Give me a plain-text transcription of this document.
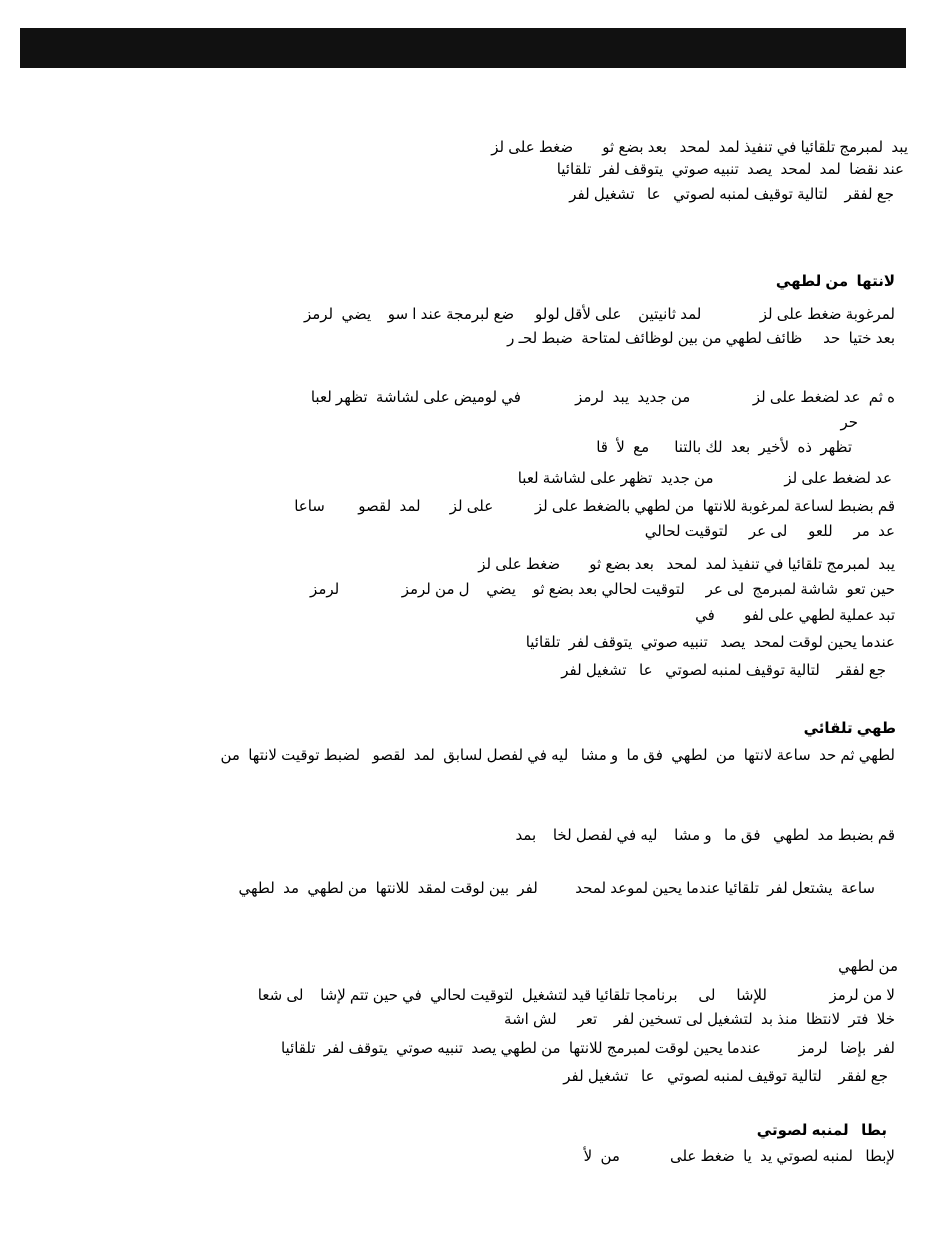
يبد  لمبرمج تلقائيا في تنفيذ لمد  لمحد   بعد بضع ثو       ضغط على لز
عند نقضا  لمد  لمحد  يصد  تنبيه صوتي  يتوقف لفر  تلقائيا
جع لفقر    لتالية توقيف لمنبه لصوتي   عا   تشغيل لفر
لانتها  من لطهي
لمرغوبة ضغط على لز              لمد ثانيتين    على لأقل لولو     ضع لبرمجة عند ا سو    يضي  لرمز
بعد ختيا  حد     ظائف لطهي من بين لوظائف لمتاحة  ضبط لحـ ر
ه ثم  عد لضغط على لز               من جديد  يبد  لرمز             في لوميض على لشاشة  تظهر لعبا
حر
تظهر  ذه  لأخير  بعد  لك بالتنا      مع  لأ  قا
عد لضغط على لز                 من جديد  تظهر على لشاشة لعبا
قم بضبط لساعة لمرغوبة للانتها  من لطهي بالضغط على لز          على لز       لمد  لقصو        ساعا
عد  مر     للعو     لى عر     لتوقيت لحالي
يبد  لمبرمج تلقائيا في تنفيذ لمد  لمحد   بعد بضع ثو       ضغط على لز
حين تعو  شاشة لمبرمج  لى عر     لتوقيت لحالي بعد بضع ثو    يضي    ل من لرمز               لرمز
تبد عملية لطهي على لفو       في
عندما يحين لوقت لمحد  يصد   تنبيه صوتي  يتوقف لفر  تلقائيا
جع لفقر    لتالية توقيف لمنبه لصوتي   عا   تشغيل لفر
طهي تلقائي
لطهي ثم حد  ساعة لانتها  من  لطهي  فق ما  و مشا   ليه في لفصل لسابق  لمد  لقصو   لضبط توقيت لانتها  من
قم بضبط مد  لطهي   فق ما   و مشا    ليه في لفصل لخا    بمد
ساعة  يشتعل لفر  تلقائيا عندما يحين لموعد لمحد         لفر  بين لوقت لمقد  للانتها  من لطهي  مد  لطهي
من لطهي
لا من لرمز               للإشا     لى     برنامجا تلقائيا قيد لتشغيل  لتوقيت لحالي  في حين تتم لإشا    لى شعا
خلا  فتر  لانتظا  منذ بد  لتشغيل لى تسخين لفر    تعر     لش اشة
لفر  بإضا   لرمز         عندما يحين لوقت لمبرمج للانتها  من لطهي يصد  تنبيه صوتي  يتوقف لفر  تلقائيا
جع لفقر    لتالية توقيف لمنبه لصوتي   عا   تشغيل لفر
بطا   لمنبه لصوتي
لإبطا   لمنبه لصوتي يد  يا  ضغط على            من  لأ
